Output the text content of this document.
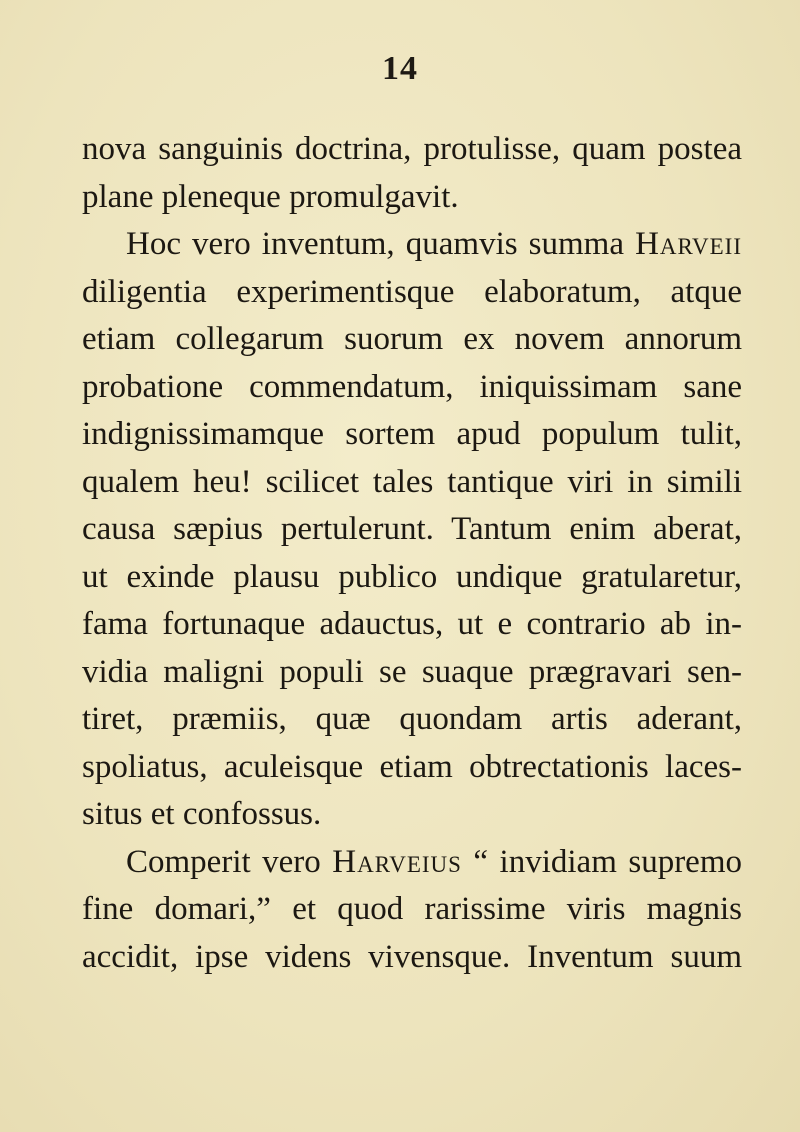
14
nova sanguinis doctrina, protulisse, quam postea
plane pleneque promulgavit.
Hoc vero inventum, quamvis summa Harveii
diligentia experimentisque elaboratum, atque
etiam collegarum suorum ex novem annorum
probatione commendatum, iniquissimam sane
indignissimamque sortem apud populum tulit,
qualem heu! scilicet tales tantique viri in simili
causa sæpius pertulerunt. Tantum enim aberat,
ut exinde plausu publico undique gratularetur,
fama fortunaque adauctus, ut e contrario ab in-
vidia maligni populi se suaque prægravari sen-
tiret, præmiis, quæ quondam artis aderant,
spoliatus, aculeisque etiam obtrectationis laces-
situs et confossus.
Comperit vero Harveius “ invidiam supremo
fine domari,” et quod rarissime viris magnis
accidit, ipse videns vivensque. Inventum suum
